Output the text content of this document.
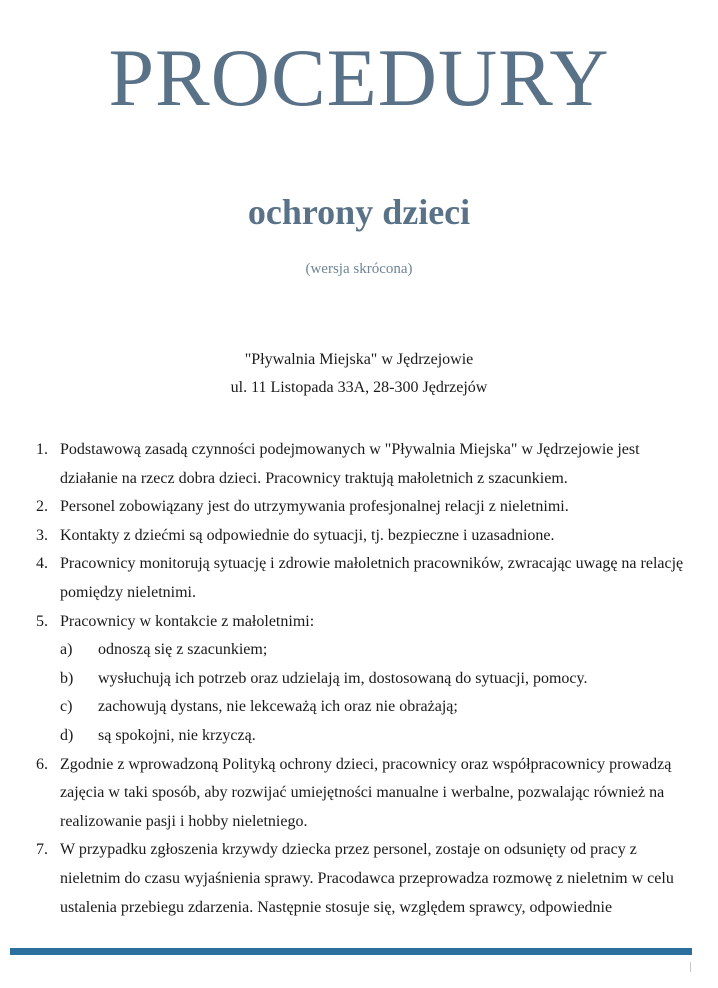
PROCEDURY
ochrony dzieci

(wersja skrócona)

"Pływalnia Miejska" w Jędrzejowie
ul. 11 Listopada 33A, 28-300 Jędrzejów
1. Podstawową zasadą czynności podejmowanych w "Pływalnia Miejska" w Jędrzejowie jest działanie na rzecz dobra dzieci. Pracownicy traktują małoletnich z szacunkiem.
2. Personel zobowiązany jest do utrzymywania profesjonalnej relacji z nieletnimi.
3. Kontakty z dziećmi są odpowiednie do sytuacji, tj. bezpieczne i uzasadnione.
4. Pracownicy monitorują sytuację i zdrowie małoletnich pracowników, zwracając uwagę na relację pomiędzy nieletnimi.
5. Pracownicy w kontakcie z małoletnimi:
a) odnoszą się z szacunkiem;
b) wysłuchują ich potrzeb oraz udzielają im, dostosowaną do sytuacji, pomocy.
c) zachowują dystans, nie lekceważą ich oraz nie obrażają;
d) są spokojni, nie krzyczą.
6. Zgodnie z wprowadzoną Polityką ochrony dzieci, pracownicy oraz współpracownicy prowadzą zajęcia w taki sposób, aby rozwijać umiejętności manualne i werbalne, pozwalając również na realizowanie pasji i hobby nieletniego.
7. W przypadku zgłoszenia krzywdy dziecka przez personel, zostaje on odsunięty od pracy z nieletnim do czasu wyjaśnienia sprawy. Pracodawca przeprowadza rozmowę z nieletnim w celu ustalenia przebiegu zdarzenia. Następnie stosuje się, względem sprawcy, odpowiednie
